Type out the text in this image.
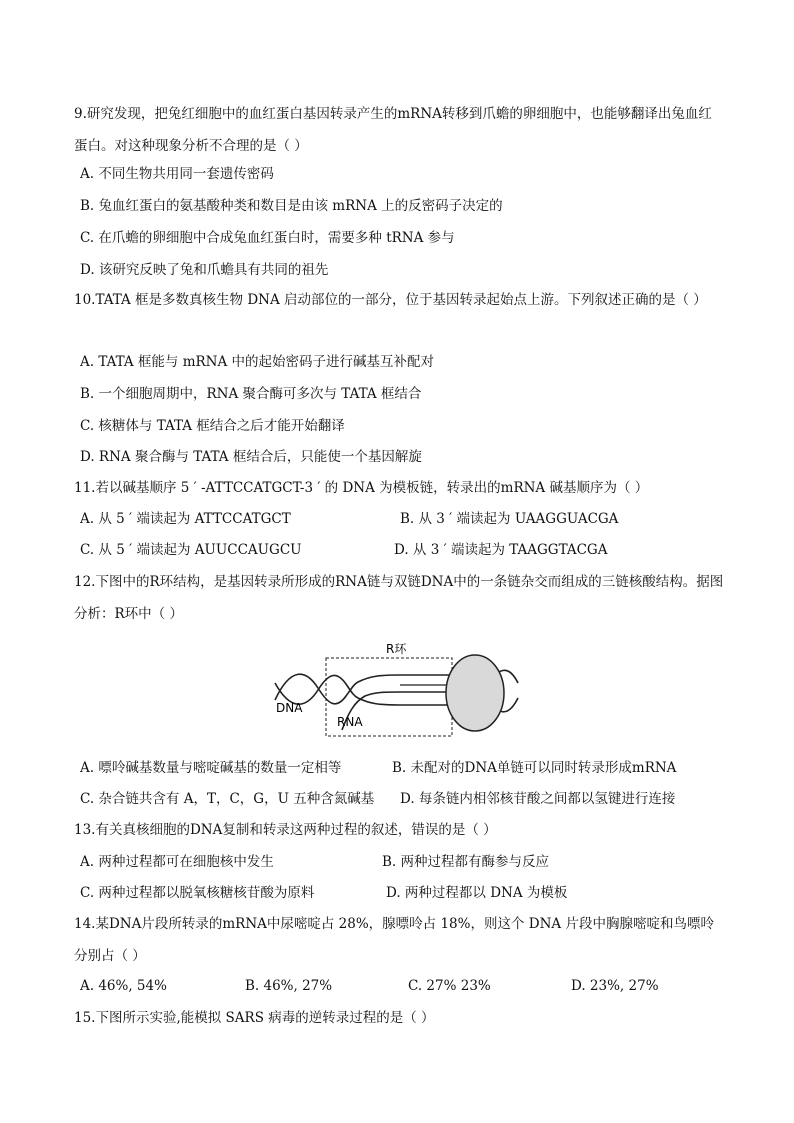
9.研究发现，把兔红细胞中的血红蛋白基因转录产生的mRNA转移到爪蟾的卵细胞中，也能够翻译出兔血红蛋白。对这种现象分析不合理的是（ ）
A. 不同生物共用同一套遗传密码
B. 兔血红蛋白的氨基酸种类和数目是由该 mRNA 上的反密码子决定的
C. 在爪蟾的卵细胞中合成兔血红蛋白时，需要多种 tRNA 参与
D. 该研究反映了兔和爪蟾具有共同的祖先
10.TATA 框是多数真核生物 DNA 启动部位的一部分，位于基因转录起始点上游。下列叙述正确的是（ ）
A. TATA 框能与 mRNA 中的起始密码子进行碱基互补配对
B. 一个细胞周期中，RNA 聚合酶可多次与 TATA 框结合
C. 核糖体与 TATA 框结合之后才能开始翻译
D. RNA 聚合酶与 TATA 框结合后，只能使一个基因解旋
11.若以碱基顺序 5 ′ -ATTCCATGCT-3 ′ 的 DNA 为模板链，转录出的mRNA 碱基顺序为（ ）
A. 从 5 ′ 端读起为 ATTCCATGCT	B. 从 3 ′ 端读起为 UAAGGUACGA
C. 从 5 ′ 端读起为 AUUCCAUGCU	D. 从 3 ′ 端读起为 TAAGGTACGA
12.下图中的R环结构，是基因转录所形成的RNA链与双链DNA中的一条链杂交而组成的三链核酸结构。据图分析：R环中（ ）
R环
DNA
RNA
A. 嘌呤碱基数量与嘧啶碱基的数量一定相等	B. 未配对的DNA单链可以同时转录形成mRNA
C. 杂合链共含有 A，T，C，G，U 五种含氮碱基 D. 每条链内相邻核苷酸之间都以氢键进行连接
13.有关真核细胞的DNA复制和转录这两种过程的叙述，错误的是（ ）
A. 两种过程都可在细胞核中发生	B. 两种过程都有酶参与反应
C. 两种过程都以脱氧核糖核苷酸为原料	D. 两种过程都以 DNA 为模板
14.某DNA片段所转录的mRNA中尿嘧啶占 28%，腺嘌呤占 18%，则这个 DNA 片段中胸腺嘧啶和鸟嘌呤分别占（ ）
A. 46%, 54%	B. 46%, 27%	C. 27% 23%	D. 23%, 27%
15.下图所示实验,能模拟 SARS 病毒的逆转录过程的是（ ）
